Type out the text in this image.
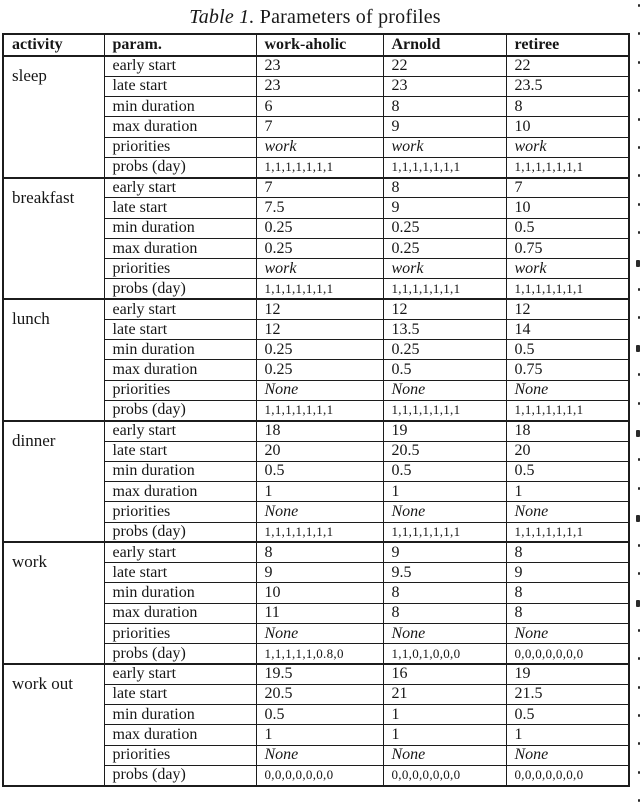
Table 1. Parameters of profiles
activity	param.	work-aholic	Arnold	retiree
sleep	early start	23	22	22
	late start	23	23	23.5
	min duration	6	8	8
	max duration	7	9	10
	priorities	work	work	work
	probs (day)	1,1,1,1,1,1,1	1,1,1,1,1,1,1	1,1,1,1,1,1,1
breakfast	early start	7	8	7
	late start	7.5	9	10
	min duration	0.25	0.25	0.5
	max duration	0.25	0.25	0.75
	priorities	work	work	work
	probs (day)	1,1,1,1,1,1,1	1,1,1,1,1,1,1	1,1,1,1,1,1,1
lunch	early start	12	12	12
	late start	12	13.5	14
	min duration	0.25	0.25	0.5
	max duration	0.25	0.5	0.75
	priorities	None	None	None
	probs (day)	1,1,1,1,1,1,1	1,1,1,1,1,1,1	1,1,1,1,1,1,1
dinner	early start	18	19	18
	late start	20	20.5	20
	min duration	0.5	0.5	0.5
	max duration	1	1	1
	priorities	None	None	None
	probs (day)	1,1,1,1,1,1,1	1,1,1,1,1,1,1	1,1,1,1,1,1,1
work	early start	8	9	8
	late start	9	9.5	9
	min duration	10	8	8
	max duration	11	8	8
	priorities	None	None	None
	probs (day)	1,1,1,1,1,0.8,0	1,1,0,1,0,0,0	0,0,0,0,0,0,0
work out	early start	19.5	16	19
	late start	20.5	21	21.5
	min duration	0.5	1	0.5
	max duration	1	1	1
	priorities	None	None	None
	probs (day)	0,0,0,0,0,0,0	0,0,0,0,0,0,0	0,0,0,0,0,0,0
